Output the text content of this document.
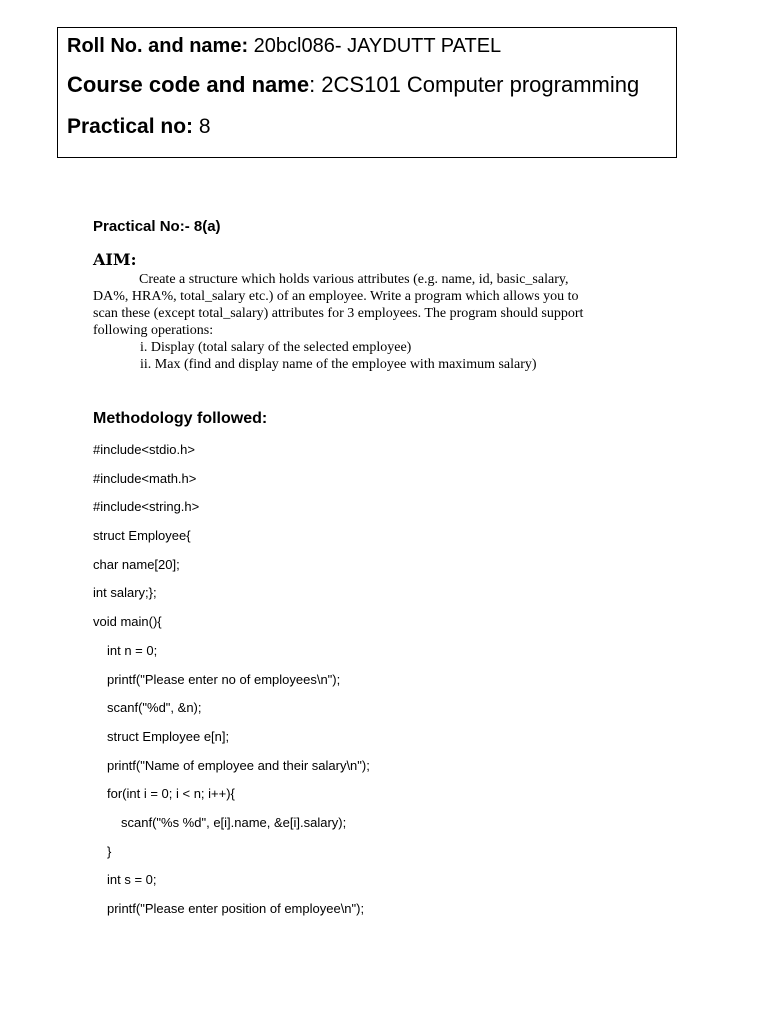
Roll No. and name: 20bcl086- JAYDUTT PATEL
Course code and name: 2CS101 Computer programming
Practical no: 8
Practical No:- 8(a)
AIM:
Create a structure which holds various attributes (e.g. name, id, basic_salary,
DA%, HRA%, total_salary etc.) of an employee. Write a program which allows you to
scan these (except total_salary) attributes for 3 employees. The program should support
following operations:
i. Display (total salary of the selected employee)
ii. Max (find and display name of the employee with maximum salary)
Methodology followed:
#include<stdio.h>
#include<math.h>
#include<string.h>
struct Employee{
char name[20];
int salary;};
void main(){
int n = 0;
printf("Please enter no of employees\n");
scanf("%d", &n);
struct Employee e[n];
printf("Name of employee and their salary\n");
for(int i = 0; i < n; i++){
scanf("%s %d", e[i].name, &e[i].salary);
}
int s = 0;
printf("Please enter position of employee\n");
